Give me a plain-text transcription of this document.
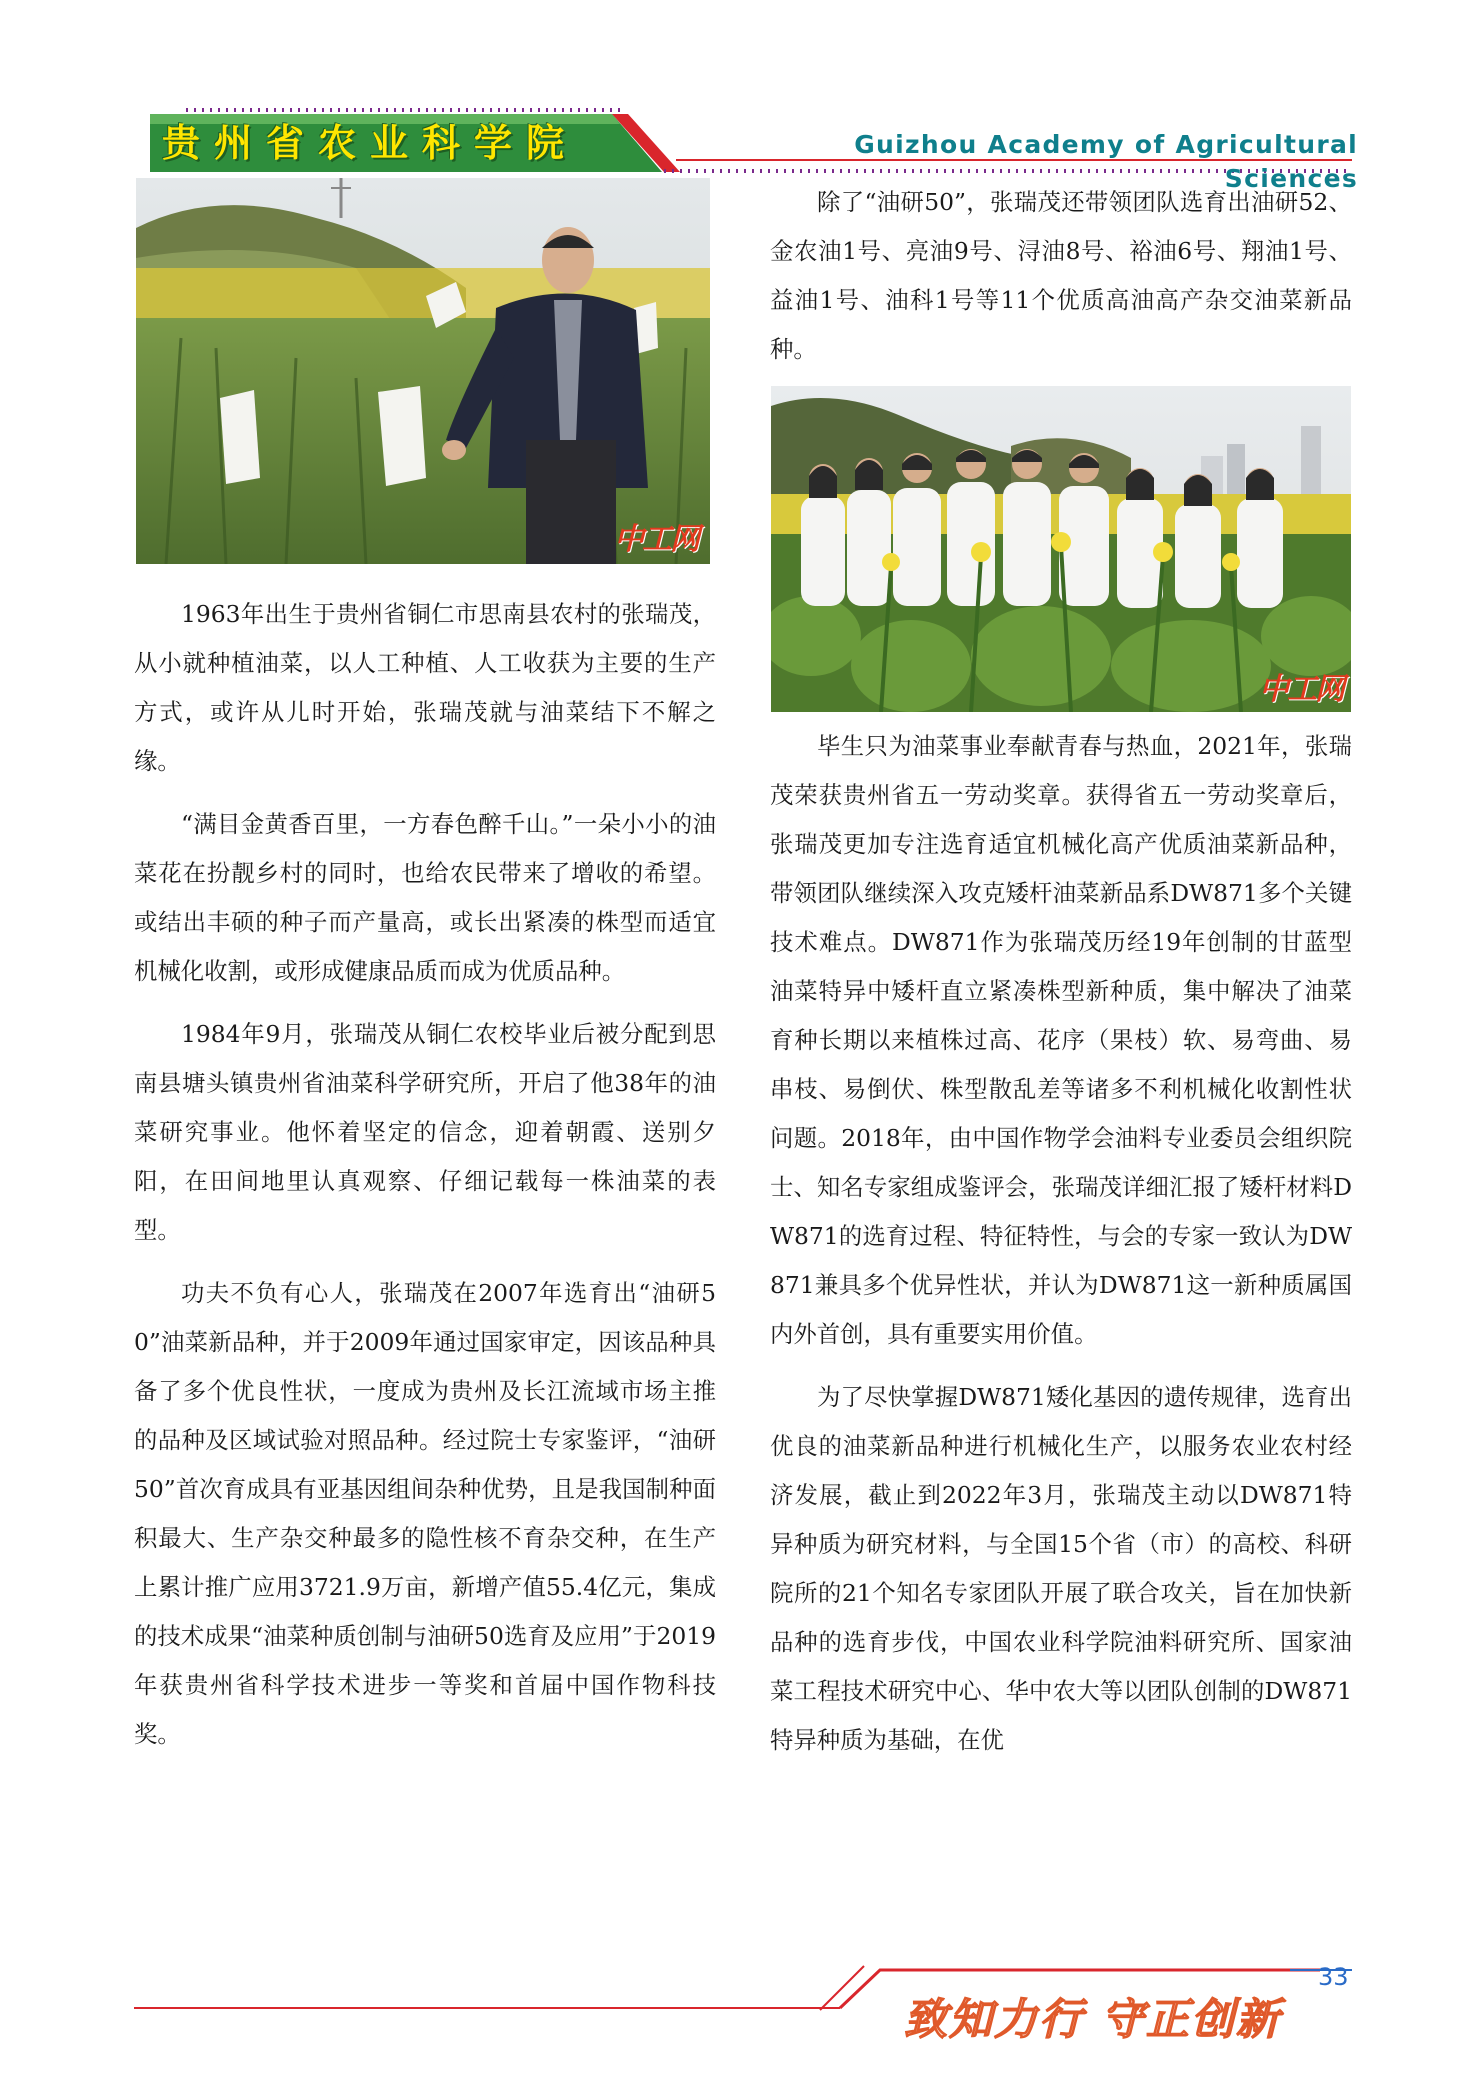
贵州省农业科学院	Guizhou Academy of Agricultural Sciences
中工网

1963年出生于贵州省铜仁市思南县农村的张瑞茂，从小就种植油菜，以人工种植、人工收获为主要的生产方式，或许从儿时开始，张瑞茂就与油菜结下不解之缘。

“满目金黄香百里，一方春色醉千山。”一朵小小的油菜花在扮靓乡村的同时，也给农民带来了增收的希望。或结出丰硕的种子而产量高，或长出紧凑的株型而适宜机械化收割，或形成健康品质而成为优质品种。

1984年9月，张瑞茂从铜仁农校毕业后被分配到思南县塘头镇贵州省油菜科学研究所，开启了他38年的油菜研究事业。他怀着坚定的信念，迎着朝霞、送别夕阳，在田间地里认真观察、仔细记载每一株油菜的表型。

功夫不负有心人，张瑞茂在2007年选育出“油研50”油菜新品种，并于2009年通过国家审定，因该品种具备了多个优良性状，一度成为贵州及长江流域市场主推的品种及区域试验对照品种。经过院士专家鉴评，“油研50”首次育成具有亚基因组间杂种优势，且是我国制种面积最大、生产杂交种最多的隐性核不育杂交种，在生产上累计推广应用3721.9万亩，新增产值55.4亿元，集成的技术成果“油菜种质创制与油研50选育及应用”于2019年获贵州省科学技术进步一等奖和首届中国作物科技奖。

除了“油研50”，张瑞茂还带领团队选育出油研52、金农油1号、亮油9号、浔油8号、裕油6号、翔油1号、益油1号、油科1号等11个优质高油高产杂交油菜新品种。

中工网

毕生只为油菜事业奉献青春与热血，2021年，张瑞茂荣获贵州省五一劳动奖章。获得省五一劳动奖章后，张瑞茂更加专注选育适宜机械化高产优质油菜新品种，带领团队继续深入攻克矮杆油菜新品系DW871多个关键技术难点。DW871作为张瑞茂历经19年创制的甘蓝型油菜特异中矮杆直立紧凑株型新种质，集中解决了油菜育种长期以来植株过高、花序（果枝）软、易弯曲、易串枝、易倒伏、株型散乱差等诸多不利机械化收割性状问题。2018年，由中国作物学会油料专业委员会组织院士、知名专家组成鉴评会，张瑞茂详细汇报了矮杆材料DW871的选育过程、特征特性，与会的专家一致认为DW871兼具多个优异性状，并认为DW871这一新种质属国内外首创，具有重要实用价值。

为了尽快掌握DW871矮化基因的遗传规律，选育出优良的油菜新品种进行机械化生产，以服务农业农村经济发展，截止到2022年3月，张瑞茂主动以DW871特异种质为研究材料，与全国15个省（市）的高校、科研院所的21个知名专家团队开展了联合攻关，旨在加快新品种的选育步伐，中国农业科学院油料研究所、国家油菜工程技术研究中心、华中农大等以团队创制的DW871特异种质为基础，在优

33
致知力行 守正创新
